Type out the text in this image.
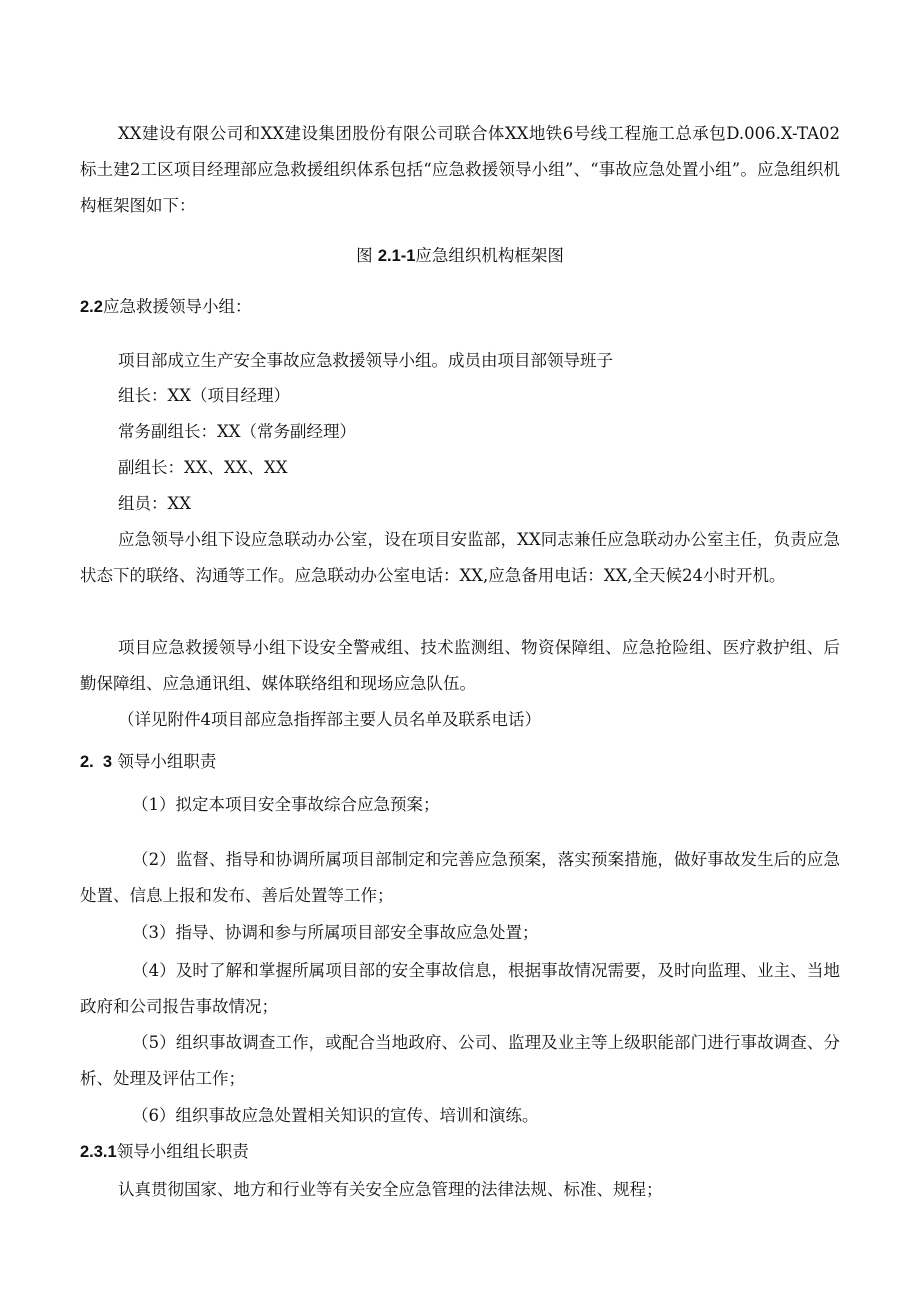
XX建设有限公司和XX建设集团股份有限公司联合体XX地铁6号线工程施工总承包D.006.X-TA02标土建2工区项目经理部应急救援组织体系包括“应急救援领导小组”、“事故应急处置小组”。应急组织机构框架图如下：

图 2.1-1应急组织机构框架图
2.2应急救援领导小组：

项目部成立生产安全事故应急救援领导小组。成员由项目部领导班子

组长：XX（项目经理）

常务副组长：XX（常务副经理）

副组长：XX、XX、XX

组员：XX

应急领导小组下设应急联动办公室，设在项目安监部，XX同志兼任应急联动办公室主任，负责应急状态下的联络、沟通等工作。应急联动办公室电话：XX,应急备用电话：XX,全天候24小时开机。

项目应急救援领导小组下设安全警戒组、技术监测组、物资保障组、应急抢险组、医疗救护组、后勤保障组、应急通讯组、媒体联络组和现场应急队伍。

（详见附件4项目部应急指挥部主要人员名单及联系电话）

2.  3 领导小组职责

（1）拟定本项目安全事故综合应急预案；

（2）监督、指导和协调所属项目部制定和完善应急预案，落实预案措施，做好事故发生后的应急处置、信息上报和发布、善后处置等工作；

（3）指导、协调和参与所属项目部安全事故应急处置；

（4）及时了解和掌握所属项目部的安全事故信息，根据事故情况需要，及时向监理、业主、当地政府和公司报告事故情况；

（5）组织事故调查工作，或配合当地政府、公司、监理及业主等上级职能部门进行事故调查、分析、处理及评估工作；

（6）组织事故应急处置相关知识的宣传、培训和演练。

2.3.1领导小组组长职责

认真贯彻国家、地方和行业等有关安全应急管理的法律法规、标准、规程；
